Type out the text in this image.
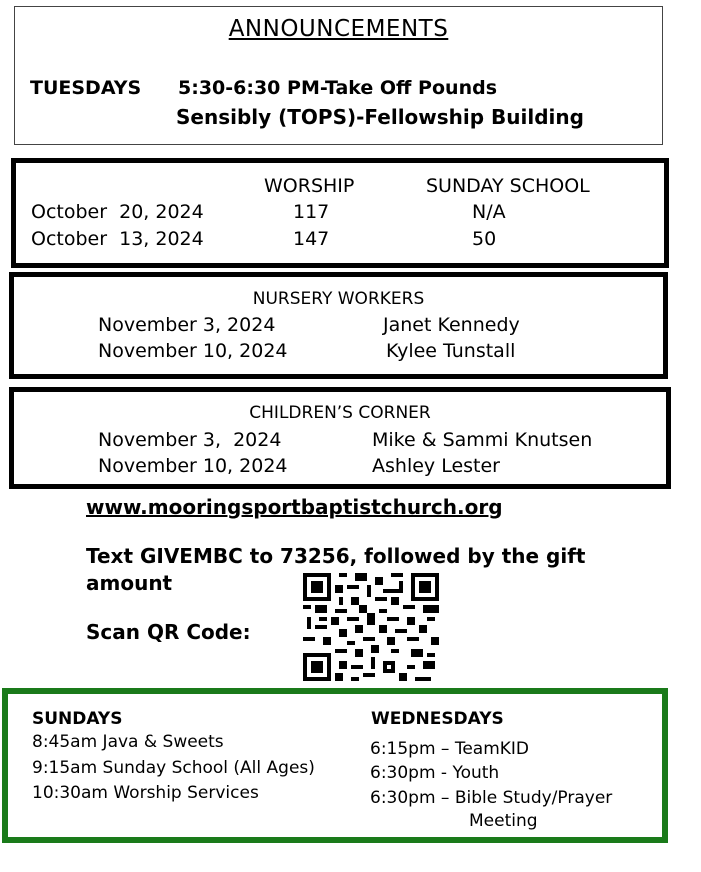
ANNOUNCEMENTS
TUESDAYS 5:30-6:30 PM-Take Off Pounds
Sensibly (TOPS)-Fellowship Building
WORSHIP	SUNDAY SCHOOL
October  20, 2024	117	N/A
October  13, 2024	147	50
NURSERY WORKERS
November 3, 2024	Janet Kennedy
November 10, 2024	Kylee Tunstall
CHILDREN’S CORNER
November 3,  2024	Mike & Sammi Knutsen
November 10, 2024	Ashley Lester
www.mooringsportbaptistchurch.org
Text GIVEMBC to 73256, followed by the gift
amount
Scan QR Code:
SUNDAYS
8:45am Java & Sweets
9:15am Sunday School (All Ages)
10:30am Worship Services
WEDNESDAYS
6:15pm – TeamKID
6:30pm - Youth
6:30pm – Bible Study/Prayer
Meeting
